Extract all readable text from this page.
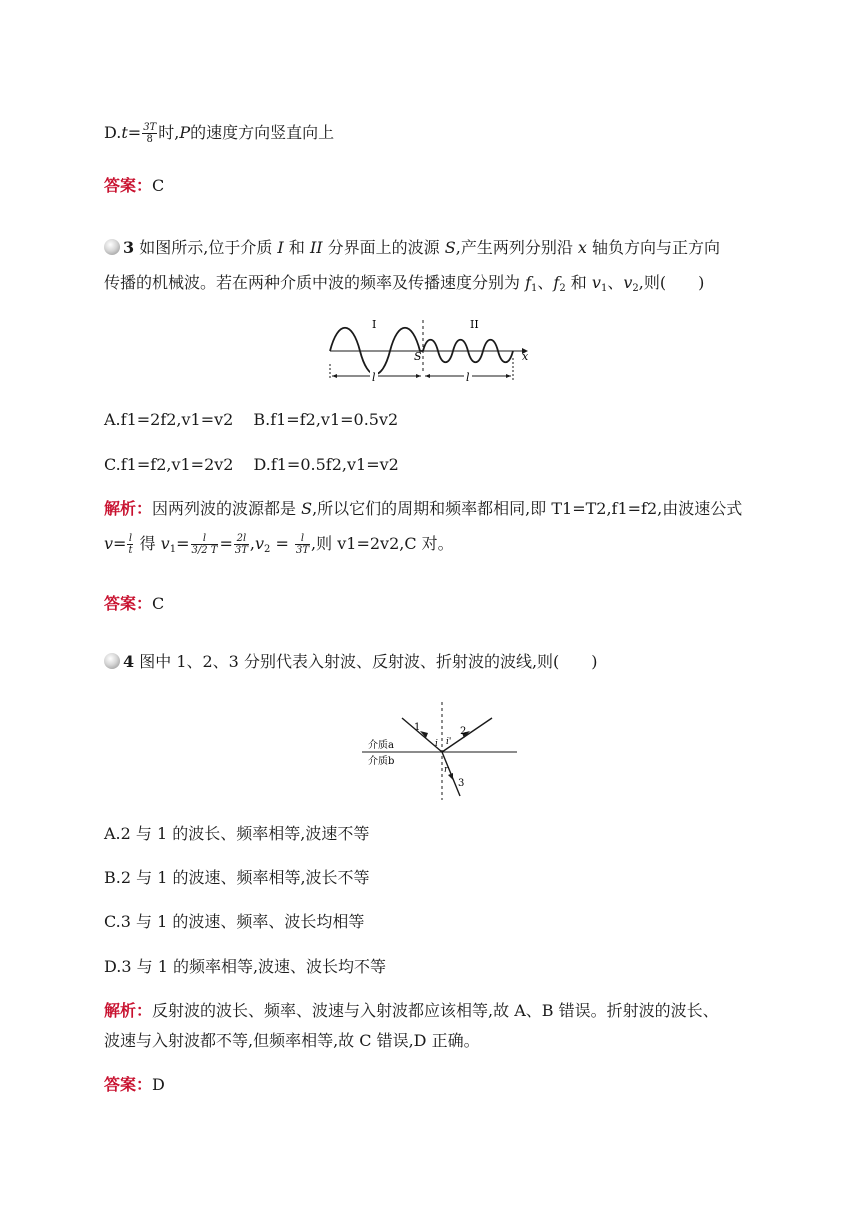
$D.t= \frac{3T}{8}$ 时,P的速度方向竖直向上
答案：C
3 如图所示,位于介质 I 和 II 分界面上的波源 S,产生两列分别沿 x 轴负方向与正方向
传播的机械波。若在两种介质中波的频率及传播速度分别为 $f_1$、$f_2$ 和 $v_1$、$v_2$,则(　　)
I	II
S	x
l	l
A.f1=2f2,v1=v2 B.f1=f2,v1=0.5v2
C.f1=f2,v1=2v2 D.f1=0.5f2,v1=v2
解析：因两列波的波源都是 S,所以它们的周期和频率都相同,即 T1=T2,f1=f2,由波速公式
$v= \frac{l}{t}$ 得 $v_1= \frac{l}{3/2 T} = \frac{2l}{3T} ,v_2 = \frac{l}{3T}$ ,则 v1=2v2,C 对。
答案：C
4 图中 1、2、3 分别代表入射波、反射波、折射波的波线,则(　　)
介质a
介质b
1	2
3
i i'
r
A.2 与 1 的波长、频率相等,波速不等
B.2 与 1 的波速、频率相等,波长不等
C.3 与 1 的波速、频率、波长均相等
D.3 与 1 的频率相等,波速、波长均不等
解析：反射波的波长、频率、波速与入射波都应该相等,故 A、B 错误。折射波的波长、
波速与入射波都不等,但频率相等,故 C 错误,D 正确。
答案：D
